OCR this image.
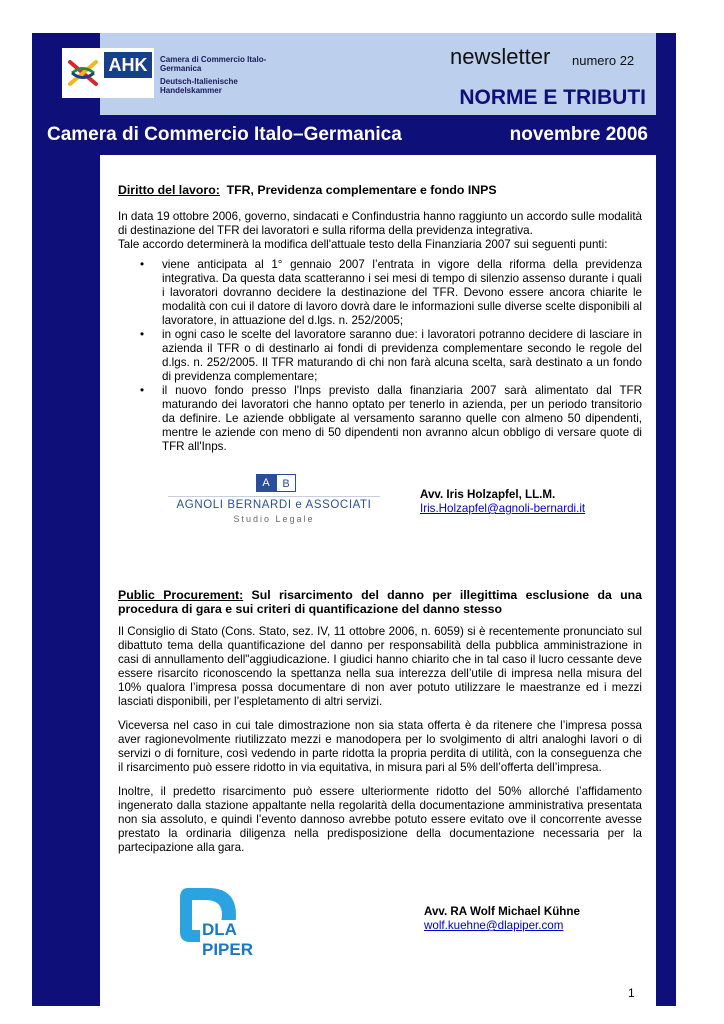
AHK	Camera di Commercio Italo-Germanica
Deutsch-Italienische Handelskammer
newsletter numero 22
NORME E TRIBUTI
Camera di Commercio Italo–Germanica	novembre 2006

Diritto del lavoro: TFR, Previdenza complementare e fondo INPS

In data 19 ottobre 2006, governo, sindacati e Confindustria hanno raggiunto un accordo sulle modalità di destinazione del TFR dei lavoratori e sulla riforma della previdenza integrativa.

Tale accordo determinerà la modifica dell'attuale testo della Finanziaria 2007 sui seguenti punti:

• viene anticipata al 1° gennaio 2007 l’entrata in vigore della riforma della previdenza integrativa. Da questa data scatteranno i sei mesi di tempo di silenzio assenso durante i quali i lavoratori dovranno decidere la destinazione del TFR. Devono essere ancora chiarite le modalità con cui il datore di lavoro dovrà dare le informazioni sulle diverse scelte disponibili al lavoratore, in attuazione del d.lgs. n. 252/2005;
• in ogni caso le scelte del lavoratore saranno due: i lavoratori potranno decidere di lasciare in azienda il TFR o di destinarlo ai fondi di previdenza complementare secondo le regole del d.lgs. n. 252/2005. Il TFR maturando di chi non farà alcuna scelta, sarà destinato a un fondo di previdenza complementare;
• il nuovo fondo presso l'Inps previsto dalla finanziaria 2007 sarà alimentato dal TFR maturando dei lavoratori che hanno optato per tenerlo in azienda, per un periodo transitorio da definire. Le aziende obbligate al versamento saranno quelle con almeno 50 dipendenti, mentre le aziende con meno di 50 dipendenti non avranno alcun obbligo di versare quote di TFR all'Inps.
A	B
AGNOLI BERNARDI e ASSOCIATI
Studio Legale
Avv. Iris Holzapfel, LL.M.
Iris.Holzapfel@agnoli-bernardi.it

Public Procurement: Sul risarcimento del danno per illegittima esclusione da una procedura di gara e sui criteri di quantificazione del danno stesso

Il Consiglio di Stato (Cons. Stato, sez. IV, 11 ottobre 2006, n. 6059) si è recentemente pronunciato sul dibattuto tema della quantificazione del danno per responsabilità della pubblica amministrazione in casi di annullamento dell"aggiudicazione. I giudici hanno chiarito che in tal caso il lucro cessante deve essere risarcito riconoscendo la spettanza nella sua interezza dell’utile di impresa nella misura del 10% qualora l’impresa possa documentare di non aver potuto utilizzare le maestranze ed i mezzi lasciati disponibili, per l’espletamento di altri servizi.

Viceversa nel caso in cui tale dimostrazione non sia stata offerta è da ritenere che l’impresa possa aver ragionevolmente riutilizzato mezzi e manodopera per lo svolgimento di altri analoghi lavori o di servizi o di forniture, così vedendo in parte ridotta la propria perdita di utilità, con la conseguenza che il risarcimento può essere ridotto in via equitativa, in misura pari al 5% dell’offerta dell’impresa.

Inoltre, il predetto risarcimento può essere ulteriormente ridotto del 50% allorché l’affidamento ingenerato dalla stazione appaltante nella regolarità della documentazione amministrativa presentata non sia assoluto, e quindi l’evento dannoso avrebbe potuto essere evitato ove il concorrente avesse prestato la ordinaria diligenza nella predisposizione della documentazione necessaria per la partecipazione alla gara.

DLA PIPER
Avv. RA Wolf Michael Kühne
wolf.kuehne@dlapiper.com
1
